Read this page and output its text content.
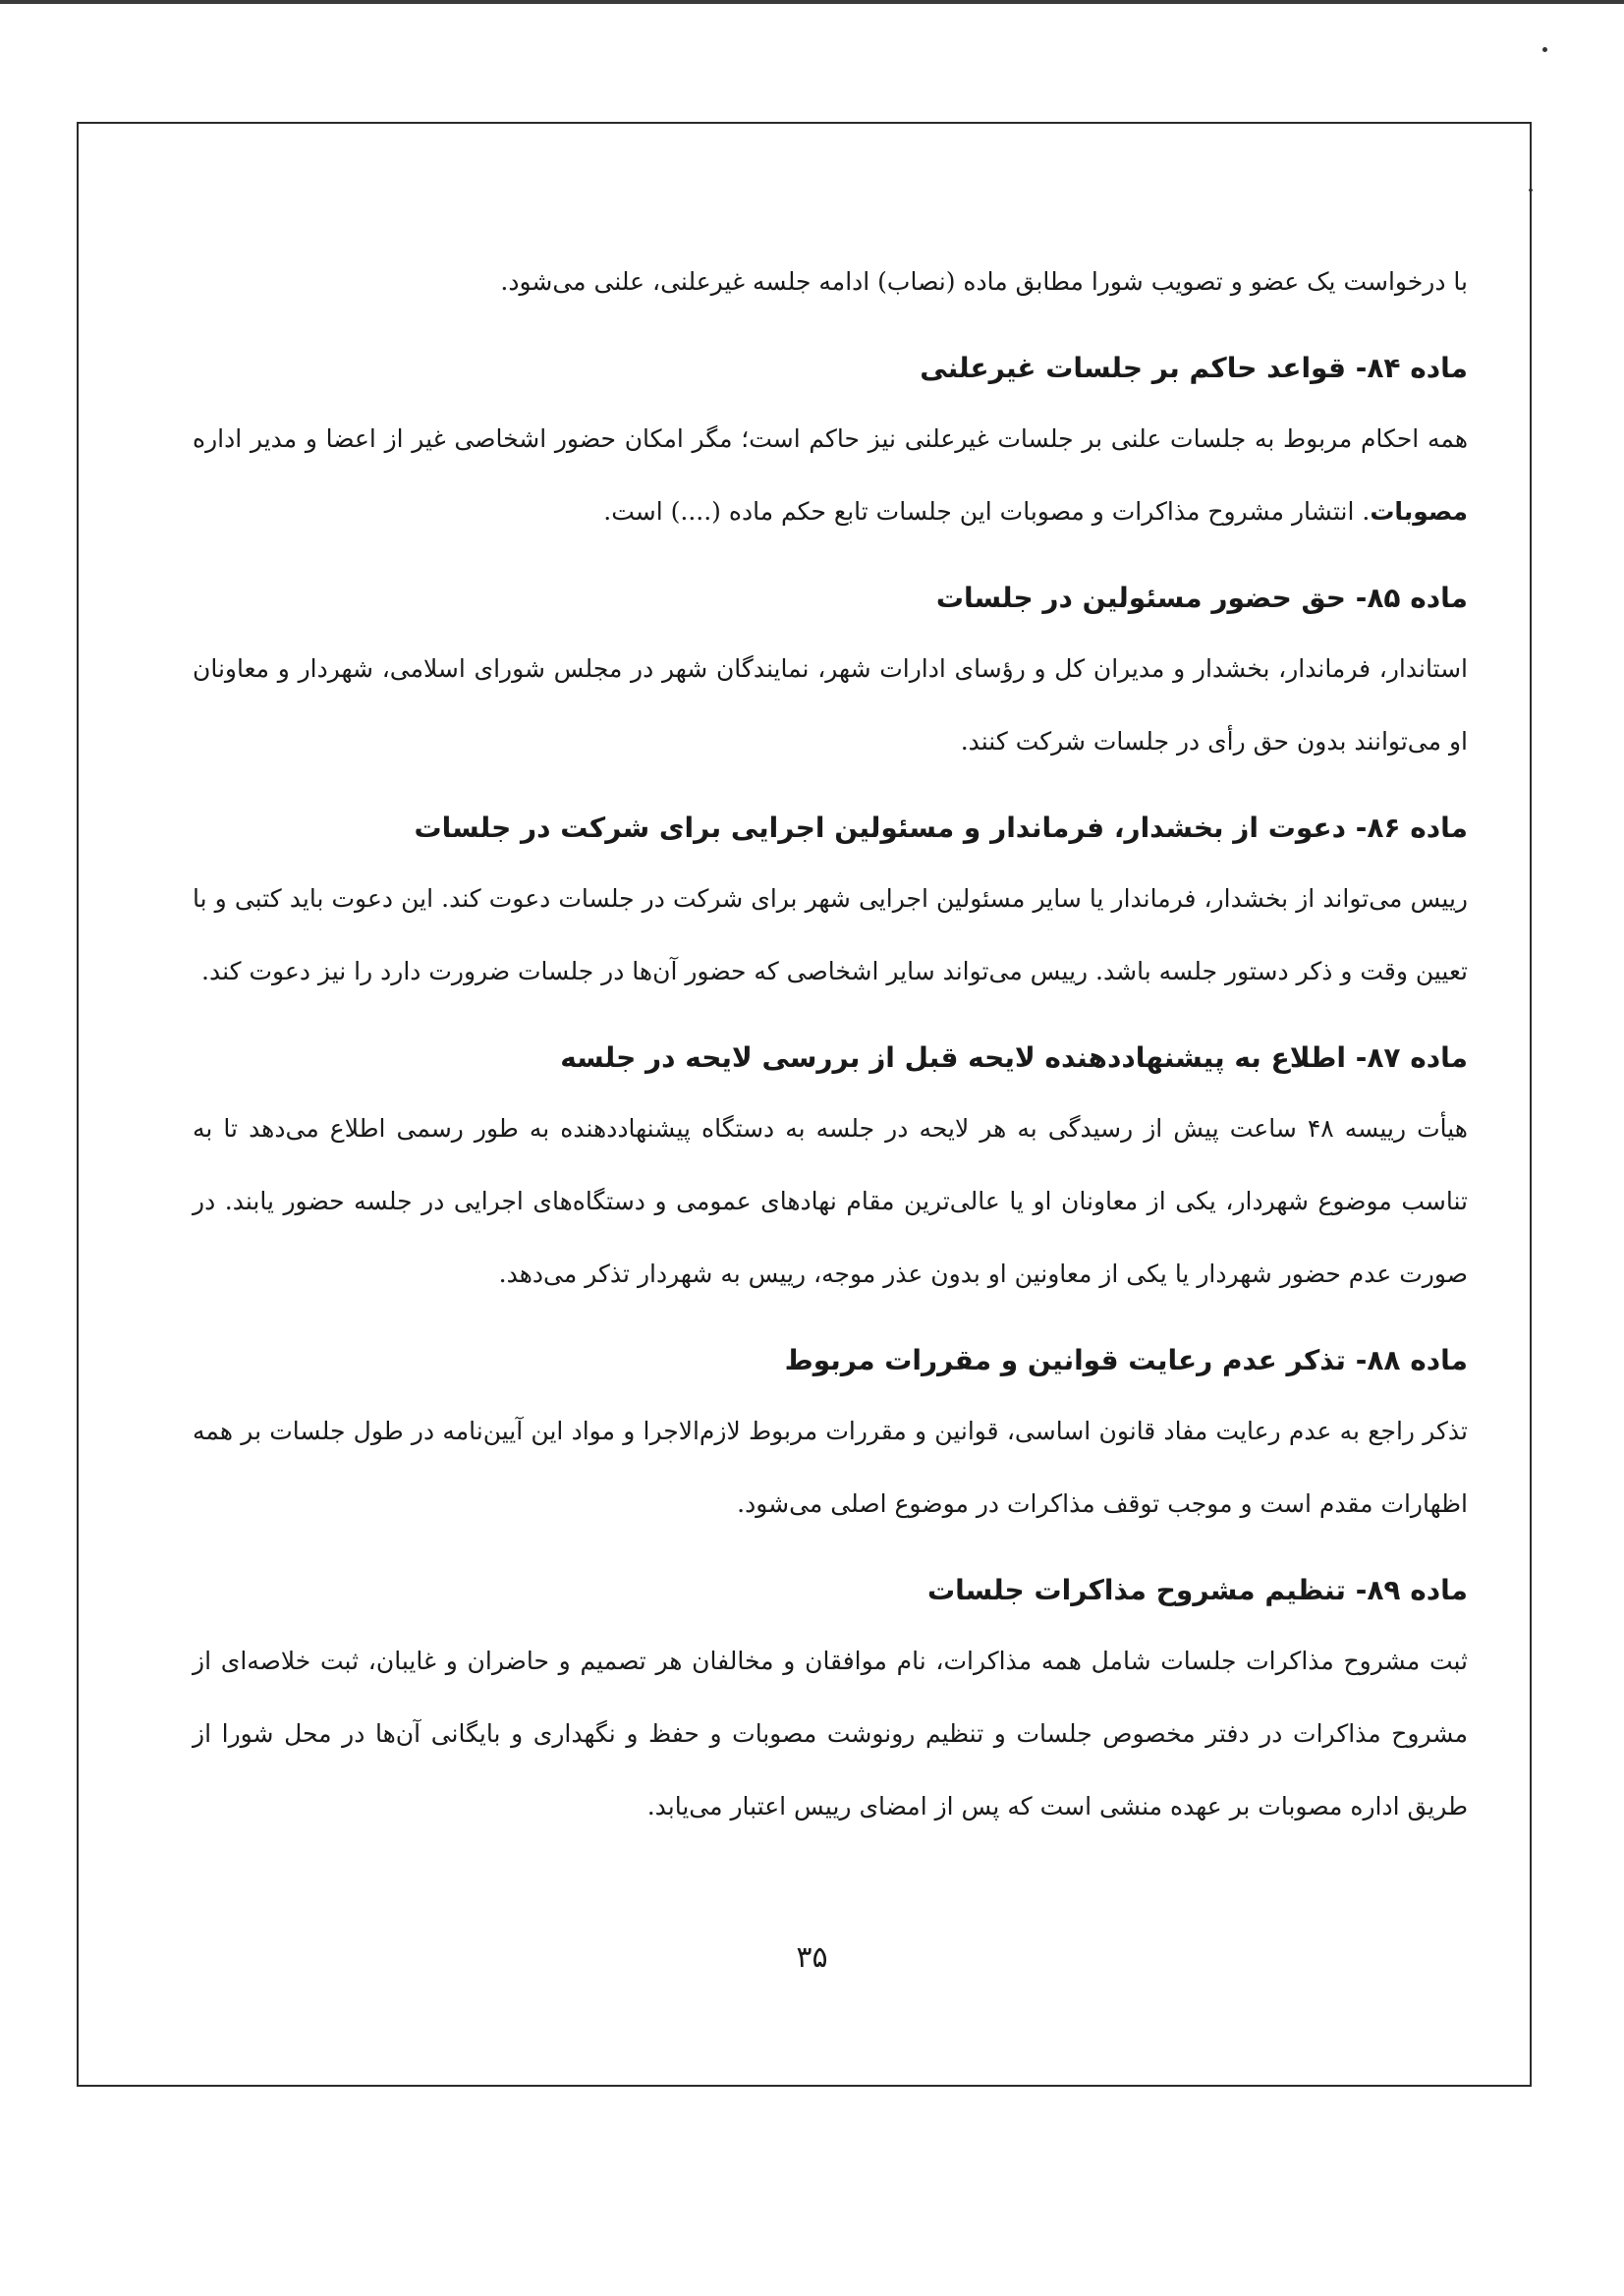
با درخواست یک عضو و تصویب شورا مطابق ماده (نصاب) ادامه جلسه غیرعلنی، علنی می‌شود.

ماده ۸۴- قواعد حاکم بر جلسات غیرعلنی

همه احکام مربوط به جلسات علنی بر جلسات غیرعلنی نیز حاکم است؛ مگر امکان حضور اشخاصی غیر از اعضا و مدیر اداره مصوبات. انتشار مشروح مذاکرات و مصوبات این جلسات تابع حکم ماده (....) است.

ماده ۸۵- حق حضور مسئولین در جلسات

استاندار، فرماندار، بخشدار و مدیران کل و رؤسای ادارات شهر، نمایندگان شهر در مجلس شورای اسلامی، شهردار و معاونان او می‌توانند بدون حق رأی در جلسات شرکت کنند.

ماده ۸۶- دعوت از بخشدار، فرماندار و مسئولین اجرایی برای شرکت در جلسات

رییس می‌تواند از بخشدار، فرماندار یا سایر مسئولین اجرایی شهر برای شرکت در جلسات دعوت کند. این دعوت باید کتبی و با تعیین وقت و ذکر دستور جلسه باشد. رییس می‌تواند سایر اشخاصی که حضور آن‌ها در جلسات ضرورت دارد را نیز دعوت کند.

ماده ۸۷- اطلاع به پیشنهاددهنده لایحه قبل از بررسی لایحه در جلسه

هیأت رییسه ۴۸ ساعت پیش از رسیدگی به هر لایحه در جلسه به دستگاه پیشنهاددهنده به طور رسمی اطلاع می‌دهد تا به تناسب موضوع شهردار، یکی از معاونان او یا عالی‌ترین مقام نهادهای عمومی و دستگاه‌های اجرایی در جلسه حضور یابند. در صورت عدم حضور شهردار یا یکی از معاونین او بدون عذر موجه، رییس به شهردار تذکر می‌دهد.

ماده ۸۸- تذکر عدم رعایت قوانین و مقررات مربوط

تذکر راجع به عدم رعایت مفاد قانون اساسی، قوانین و مقررات مربوط لازم‌الاجرا و مواد این آیین‌نامه در طول جلسات بر همه اظهارات مقدم است و موجب توقف مذاکرات در موضوع اصلی می‌شود.

ماده ۸۹- تنظیم مشروح مذاکرات جلسات

ثبت مشروح مذاکرات جلسات شامل همه مذاکرات، نام موافقان و مخالفان هر تصمیم و حاضران و غایبان، ثبت خلاصه‌ای از مشروح مذاکرات در دفتر مخصوص جلسات و تنظیم رونوشت مصوبات و حفظ و نگهداری و بایگانی آن‌ها در محل شورا از طریق اداره مصوبات بر عهده منشی است که پس از امضای رییس اعتبار می‌یابد.

۳۵
